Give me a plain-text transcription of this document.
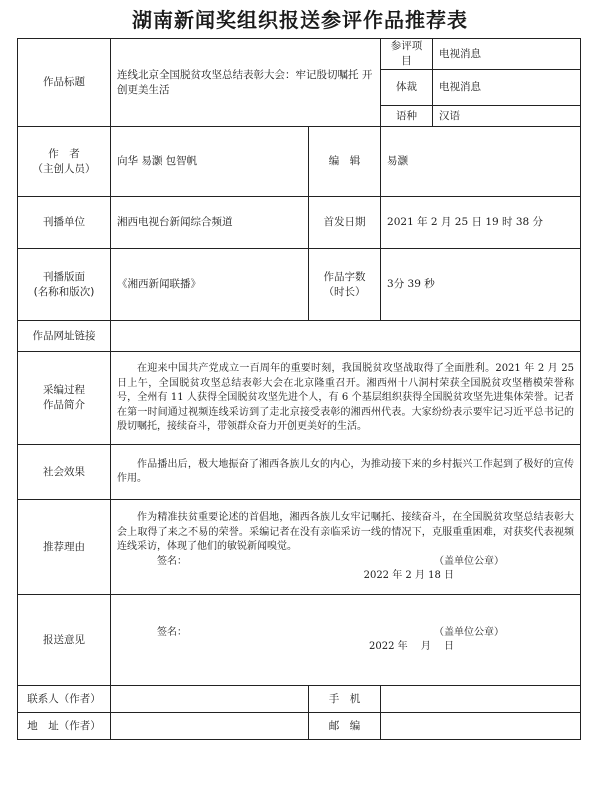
湖南新闻奖组织报送参评作品推荐表
作品标题	连线北京全国脱贫攻坚总结表彰大会：牢记殷切嘱托 开创更美生活		参评项目	电视消息
			体裁	电视消息
			语种	汉语

作　者
（主创人员）	向华 易灏 包智帆	编　辑	易灏	
刊播单位	湘西电视台新闻综合频道	首发日期	2021 年 2 月 25 日 19 时 38 分	

刊播版面
(名称和版次)	《湘西新闻联播》	作品字数
（时长）	3分 39 秒	
作品网址链接				

采编过程
作品简介	在迎来中国共产党成立一百周年的重要时刻，我国脱贫攻坚战取得了全面胜利。2021 年 2 月 25 日上午，全国脱贫攻坚总结表彰大会在北京隆重召开。湘西州十八洞村荣获全国脱贫攻坚楷模荣誉称号，全州有 11 人获得全国脱贫攻坚先进个人，有 6 个基层组织获得全国脱贫攻坚先进集体荣誉。记者在第一时间通过视频连线采访到了走北京接受表彰的湘西州代表。大家纷纷表示要牢记习近平总书记的殷切嘱托，接续奋斗，带领群众奋力开创更美好的生活。			
社会效果	作品播出后，极大地振奋了湘西各族儿女的内心，为推动接下来的乡村振兴工作起到了极好的宣传作用。			
推荐理由	作为精准扶贫重要论述的首倡地，湘西各族儿女牢记嘱托、接续奋斗，在全国脱贫攻坚总结表彰大会上取得了来之不易的荣誉。采编记者在没有亲临采访一线的情况下，克服重重困难，对获奖代表视频连线采访，体现了他们的敏锐新闻嗅觉。
签名： （盖单位公章）
2022 年 2 月 18 日			

报送意见	签名： （盖单位公章）
2022 年　 月　 日			

联系人（作者）		手　机		
地　址（作者）		邮　编		
